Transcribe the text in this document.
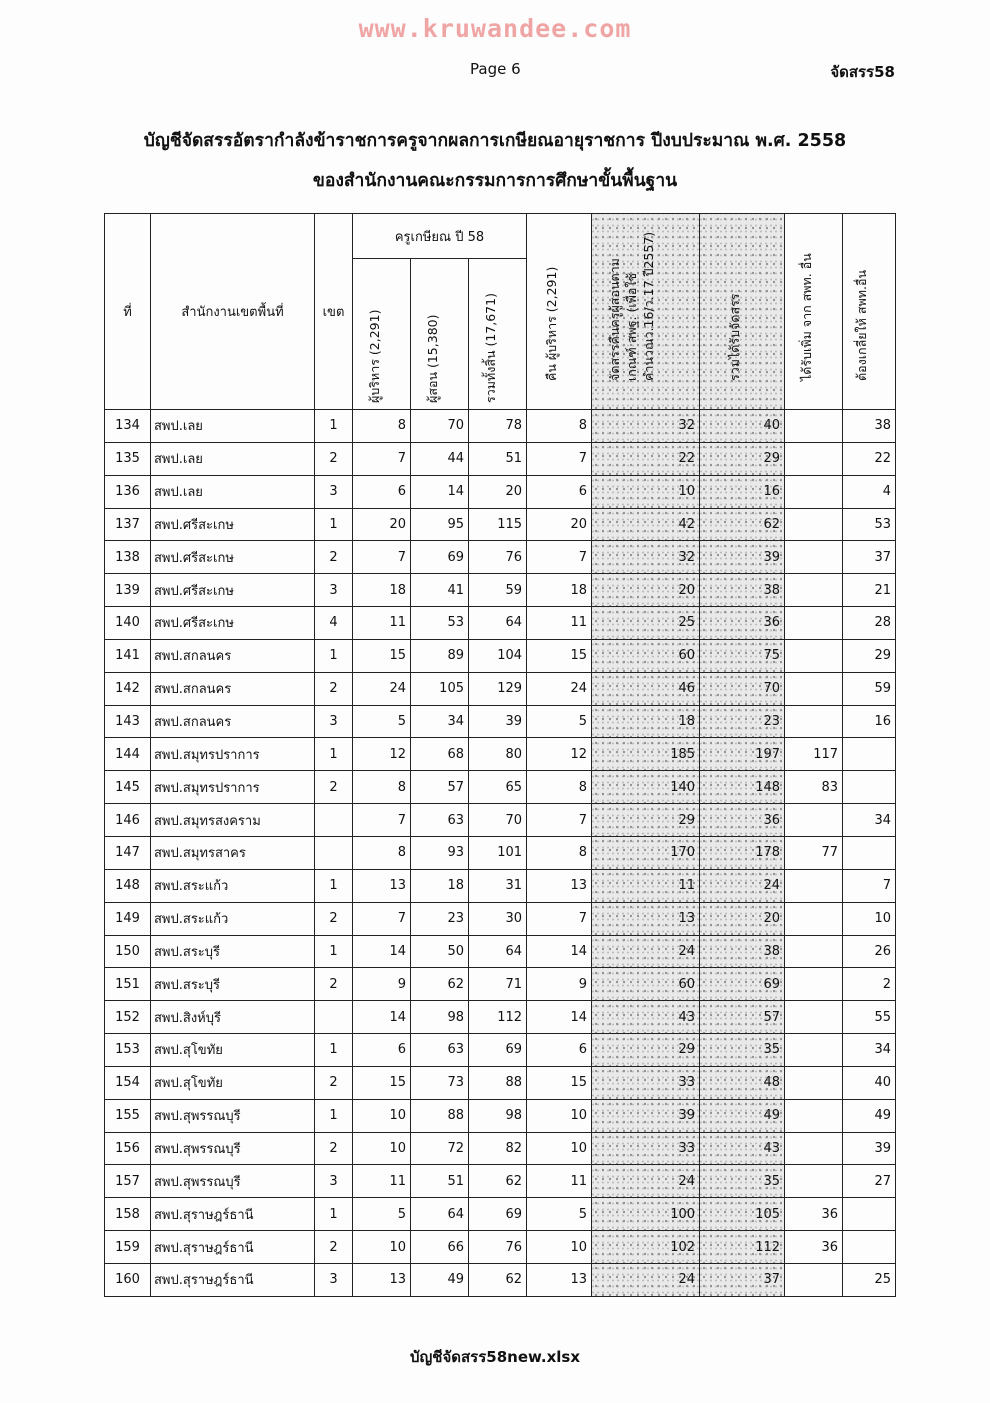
www.kruwandee.com
Page 6	จัดสรร58
บัญชีจัดสรรอัตรากำลังข้าราชการครูจากผลการเกษียณอายุราชการ ปีงบประมาณ พ.ศ. 2558
ของสำนักงานคณะกรรมการการศึกษาขั้นพื้นฐาน
ที่	สำนักงานเขตพื้นที่	เขต	ครูเกษียณ ปี 58			คืน ผู้บริหาร (2,291)	จัดสรรคืนครูผู้สอนตาม เกณฑ์ สพฐ. (เพื่อใช้ คำนวณว.16/ว.17 ปี2557)	รวมได้รับจัดสรร	ได้รับเพิ่ม จาก สพท. อื่น	ต้องเกลี่ยให้ สพท.อื่น

			ผู้บริหาร (2,291)	ผู้สอน (15,380)	รวมทั้งสิ้น (17,671)					

134	สพป.เลย	1	8	70	78	8	32	40		38
135	สพป.เลย	2	7	44	51	7	22	29		22
136	สพป.เลย	3	6	14	20	6	10	16		4
137	สพป.ศรีสะเกษ	1	20	95	115	20	42	62		53
138	สพป.ศรีสะเกษ	2	7	69	76	7	32	39		37
139	สพป.ศรีสะเกษ	3	18	41	59	18	20	38		21
140	สพป.ศรีสะเกษ	4	11	53	64	11	25	36		28
141	สพป.สกลนคร	1	15	89	104	15	60	75		29
142	สพป.สกลนคร	2	24	105	129	24	46	70		59
143	สพป.สกลนคร	3	5	34	39	5	18	23		16
144	สพป.สมุทรปราการ	1	12	68	80	12	185	197	117	
145	สพป.สมุทรปราการ	2	8	57	65	8	140	148	83	
146	สพป.สมุทรสงคราม		7	63	70	7	29	36		34
147	สพป.สมุทรสาคร		8	93	101	8	170	178	77	
148	สพป.สระแก้ว	1	13	18	31	13	11	24		7
149	สพป.สระแก้ว	2	7	23	30	7	13	20		10
150	สพป.สระบุรี	1	14	50	64	14	24	38		26
151	สพป.สระบุรี	2	9	62	71	9	60	69		2
152	สพป.สิงห์บุรี		14	98	112	14	43	57		55
153	สพป.สุโขทัย	1	6	63	69	6	29	35		34
154	สพป.สุโขทัย	2	15	73	88	15	33	48		40
155	สพป.สุพรรณบุรี	1	10	88	98	10	39	49		49
156	สพป.สุพรรณบุรี	2	10	72	82	10	33	43		39
157	สพป.สุพรรณบุรี	3	11	51	62	11	24	35		27
158	สพป.สุราษฎร์ธานี	1	5	64	69	5	100	105	36	
159	สพป.สุราษฎร์ธานี	2	10	66	76	10	102	112	36	
160	สพป.สุราษฎร์ธานี	3	13	49	62	13	24	37		25
บัญชีจัดสรร58new.xlsx
